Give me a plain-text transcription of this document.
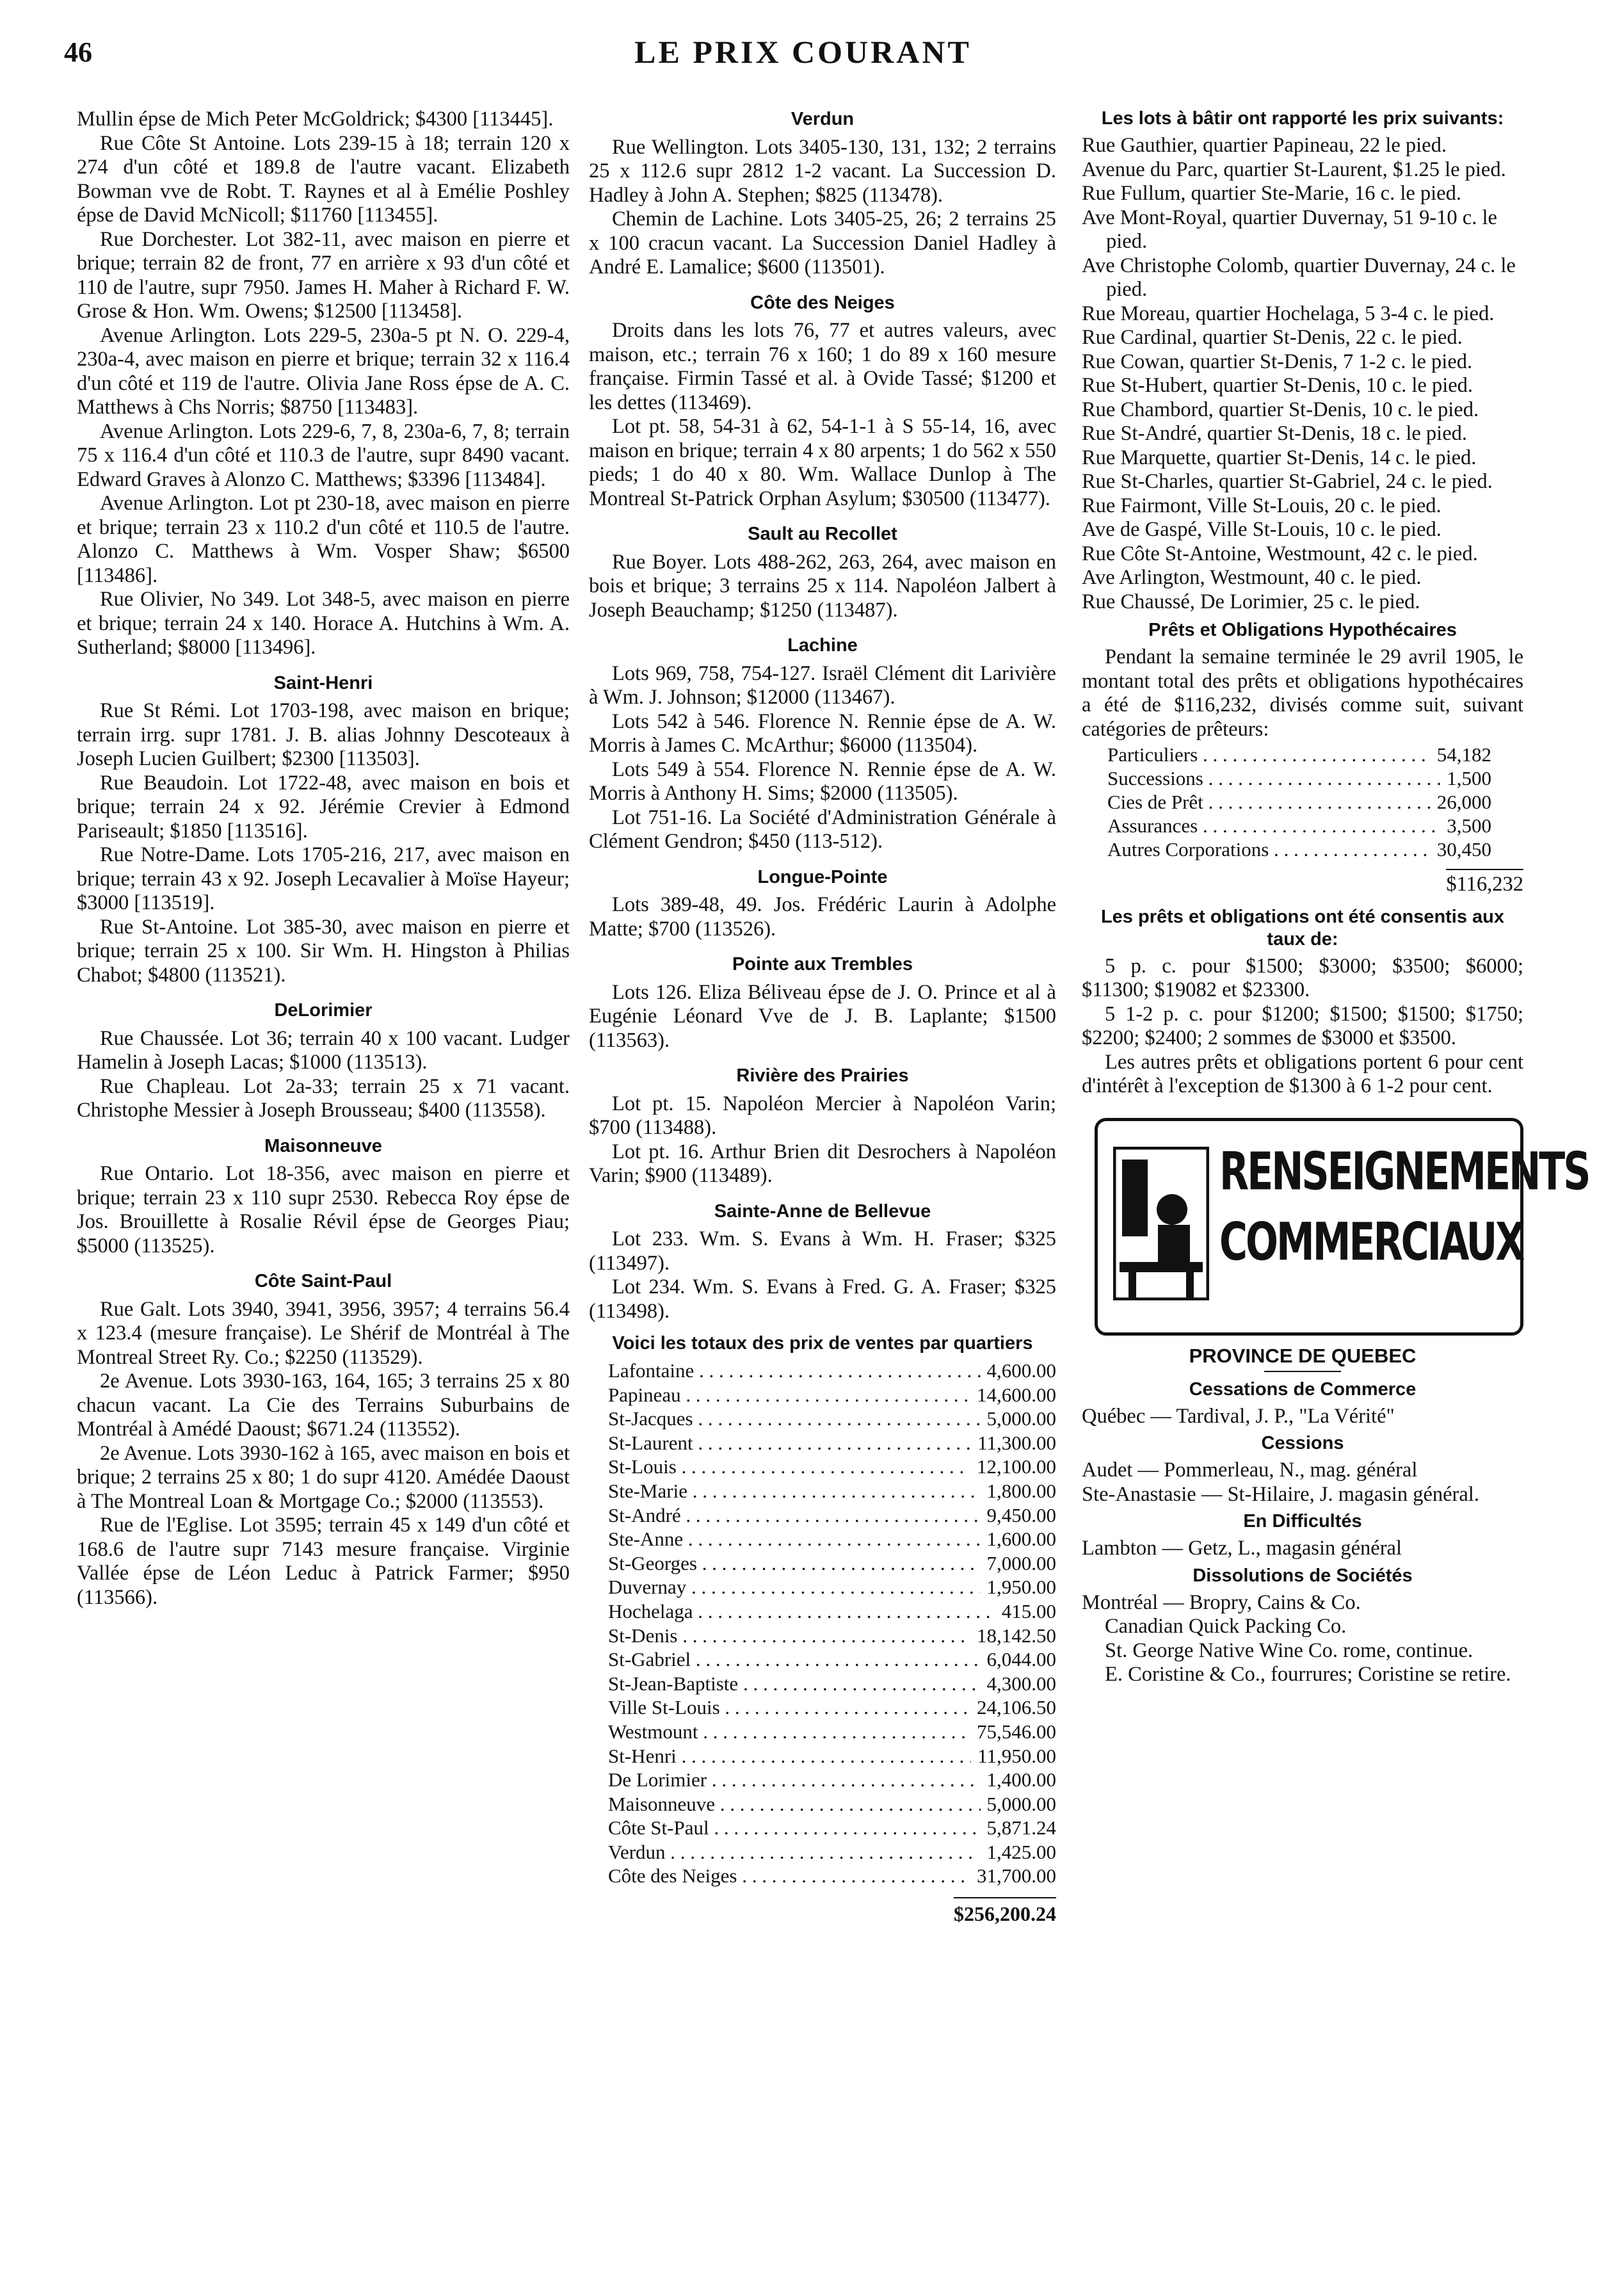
46	LE PRIX COURANT

Mullin épse de Mich Peter McGoldrick; $4300 [113445].

Rue Côte St Antoine. Lots 239-15 à 18; terrain 120 x 274 d'un côté et 189.8 de l'autre vacant. Elizabeth Bowman vve de Robt. T. Raynes et al à Emélie Poshley épse de David McNicoll; $11760 [113455].

Rue Dorchester. Lot 382-11, avec maison en pierre et brique; terrain 82 de front, 77 en arrière x 93 d'un côté et 110 de l'autre, supr 7950. James H. Maher à Richard F. W. Grose & Hon. Wm. Owens; $12500 [113458].

Avenue Arlington. Lots 229-5, 230a-5 pt N. O. 229-4, 230a-4, avec maison en pierre et brique; terrain 32 x 116.4 d'un côté et 119 de l'autre. Olivia Jane Ross épse de A. C. Matthews à Chs Norris; $8750 [113483].

Avenue Arlington. Lots 229-6, 7, 8, 230a-6, 7, 8; terrain 75 x 116.4 d'un côté et 110.3 de l'autre, supr 8490 vacant. Edward Graves à Alonzo C. Matthews; $3396 [113484].

Avenue Arlington. Lot pt 230-18, avec maison en pierre et brique; terrain 23 x 110.2 d'un côté et 110.5 de l'autre. Alonzo C. Matthews à Wm. Vosper Shaw; $6500 [113486].

Rue Olivier, No 349. Lot 348-5, avec maison en pierre et brique; terrain 24 x 140. Horace A. Hutchins à Wm. A. Sutherland; $8000 [113496].

Saint-Henri

Rue St Rémi. Lot 1703-198, avec maison en brique; terrain irrg. supr 1781. J. B. alias Johnny Descoteaux à Joseph Lucien Guilbert; $2300 [113503].

Rue Beaudoin. Lot 1722-48, avec maison en bois et brique; terrain 24 x 92. Jérémie Crevier à Edmond Pariseault; $1850 [113516].

Rue Notre-Dame. Lots 1705-216, 217, avec maison en brique; terrain 43 x 92. Joseph Lecavalier à Moïse Hayeur; $3000 [113519].

Rue St-Antoine. Lot 385-30, avec maison en pierre et brique; terrain 25 x 100. Sir Wm. H. Hingston à Philias Chabot; $4800 (113521).

DeLorimier

Rue Chaussée. Lot 36; terrain 40 x 100 vacant. Ludger Hamelin à Joseph Lacas; $1000 (113513).

Rue Chapleau. Lot 2a-33; terrain 25 x 71 vacant. Christophe Messier à Joseph Brousseau; $400 (113558).

Maisonneuve

Rue Ontario. Lot 18-356, avec maison en pierre et brique; terrain 23 x 110 supr 2530. Rebecca Roy épse de Jos. Brouillette à Rosalie Révil épse de Georges Piau; $5000 (113525).

Côte Saint-Paul

Rue Galt. Lots 3940, 3941, 3956, 3957; 4 terrains 56.4 x 123.4 (mesure française). Le Shérif de Montréal à The Montreal Street Ry. Co.; $2250 (113529).

2e Avenue. Lots 3930-163, 164, 165; 3 terrains 25 x 80 chacun vacant. La Cie des Terrains Suburbains de Montréal à Amédé Daoust; $671.24 (113552).

2e Avenue. Lots 3930-162 à 165, avec maison en bois et brique; 2 terrains 25 x 80; 1 do supr 4120. Amédée Daoust à The Montreal Loan & Mortgage Co.; $2000 (113553).

Rue de l'Eglise. Lot 3595; terrain 45 x 149 d'un côté et 168.6 de l'autre supr 7143 mesure française. Virginie Vallée épse de Léon Leduc à Patrick Farmer; $950 (113566).

Verdun

Rue Wellington. Lots 3405-130, 131, 132; 2 terrains 25 x 112.6 supr 2812 1-2 vacant. La Succession D. Hadley à John A. Stephen; $825 (113478).

Chemin de Lachine. Lots 3405-25, 26; 2 terrains 25 x 100 cracun vacant. La Succession Daniel Hadley à André E. Lamalice; $600 (113501).

Côte des Neiges

Droits dans les lots 76, 77 et autres valeurs, avec maison, etc.; terrain 76 x 160; 1 do 89 x 160 mesure française. Firmin Tassé et al. à Ovide Tassé; $1200 et les dettes (113469).

Lot pt. 58, 54-31 à 62, 54-1-1 à S 55-14, 16, avec maison en brique; terrain 4 x 80 arpents; 1 do 562 x 550 pieds; 1 do 40 x 80. Wm. Wallace Dunlop à The Montreal St-Patrick Orphan Asylum; $30500 (113477).

Sault au Recollet

Rue Boyer. Lots 488-262, 263, 264, avec maison en bois et brique; 3 terrains 25 x 114. Napoléon Jalbert à Joseph Beauchamp; $1250 (113487).

Lachine

Lots 969, 758, 754-127. Israël Clément dit Larivière à Wm. J. Johnson; $12000 (113467).

Lots 542 à 546. Florence N. Rennie épse de A. W. Morris à James C. McArthur; $6000 (113504).

Lots 549 à 554. Florence N. Rennie épse de A. W. Morris à Anthony H. Sims; $2000 (113505).

Lot 751-16. La Société d'Administration Générale à Clément Gendron; $450 (113-512).

Longue-Pointe

Lots 389-48, 49. Jos. Frédéric Laurin à Adolphe Matte; $700 (113526).

Pointe aux Trembles

Lots 126. Eliza Béliveau épse de J. O. Prince et al à Eugénie Léonard Vve de J. B. Laplante; $1500 (113563).

Rivière des Prairies

Lot pt. 15. Napoléon Mercier à Napoléon Varin; $700 (113488).

Lot pt. 16. Arthur Brien dit Desrochers à Napoléon Varin; $900 (113489).

Sainte-Anne de Bellevue

Lot 233. Wm. S. Evans à Wm. H. Fraser; $325 (113497).

Lot 234. Wm. S. Evans à Fred. G. A. Fraser; $325 (113498).

Voici les totaux des prix de ventes par quartiers
Lafontaine . . .	4,600.00
Papineau . . .	14,600.00
St-Jacques . . .	5,000.00
St-Laurent . . .	11,300.00
St-Louis . . .	12,100.00
Ste-Marie . . .	1,800.00
St-André . . .	9,450.00
Ste-Anne . . .	1,600.00
St-Georges . . .	7,000.00
Duvernay . . .	1,950.00
Hochelaga . . .	415.00
St-Denis . . .	18,142.50
St-Gabriel . . .	6,044.00
St-Jean-Baptiste . . .	4,300.00
Ville St-Louis . . .	24,106.50
Westmount . . .	75,546.00
St-Henri . . .	11,950.00
De Lorimier . . .	1,400.00
Maisonneuve . . .	5,000.00
Côte St-Paul . . .	5,871.24
Verdun . . .	1,425.00
Côte des Neiges . . .	31,700.00
$256,200.24
Les lots à bâtir ont rapporté les prix suivants:

Rue Gauthier, quartier Papineau, 22 le pied.

Avenue du Parc, quartier St-Laurent, $1.25 le pied.

Rue Fullum, quartier Ste-Marie, 16 c. le pied.

Ave Mont-Royal, quartier Duvernay, 51 9-10 c. le pied.

Ave Christophe Colomb, quartier Duvernay, 24 c. le pied.

Rue Moreau, quartier Hochelaga, 5 3-4 c. le pied.

Rue Cardinal, quartier St-Denis, 22 c. le pied.

Rue Cowan, quartier St-Denis, 7 1-2 c. le pied.

Rue St-Hubert, quartier St-Denis, 10 c. le pied.

Rue Chambord, quartier St-Denis, 10 c. le pied.

Rue St-André, quartier St-Denis, 18 c. le pied.

Rue Marquette, quartier St-Denis, 14 c. le pied.

Rue St-Charles, quartier St-Gabriel, 24 c. le pied.

Rue Fairmont, Ville St-Louis, 20 c. le pied.

Ave de Gaspé, Ville St-Louis, 10 c. le pied.

Rue Côte St-Antoine, Westmount, 42 c. le pied.

Ave Arlington, Westmount, 40 c. le pied.

Rue Chaussé, De Lorimier, 25 c. le pied.

Prêts et Obligations Hypothécaires

Pendant la semaine terminée le 29 avril 1905, le montant total des prêts et obligations hypothécaires a été de $116,232, divisés comme suit, suivant catégories de prêteurs:

Particuliers . . .	54,182
Successions . . .	1,500
Cies de Prêt . . .	26,000
Assurances . . .	3,500
Autres Corporations . . .	30,450
$116,232
Les prêts et obligations ont été consentis aux taux de:

5 p. c. pour $1500; $3000; $3500; $6000; $11300; $19082 et $23300.

5 1-2 p. c. pour $1200; $1500; $1500; $1750; $2200; $2400; 2 sommes de $3000 et $3500.

Les autres prêts et obligations portent 6 pour cent d'intérêt à l'exception de $1300 à 6 1-2 pour cent.

RENSEIGNEMENTS
COMMERCIAUX
PROVINCE DE QUEBEC
Cessations de Commerce

Québec — Tardival, J. P., "La Vérité"

Cessions

Audet — Pommerleau, N., mag. général

Ste-Anastasie — St-Hilaire, J. magasin général.

En Difficultés

Lambton — Getz, L., magasin général

Dissolutions de Sociétés

Montréal — Bropry, Cains & Co.

Canadian Quick Packing Co.

St. George Native Wine Co. rome, continue.

E. Coristine & Co., fourrures; Coristine se retire.
